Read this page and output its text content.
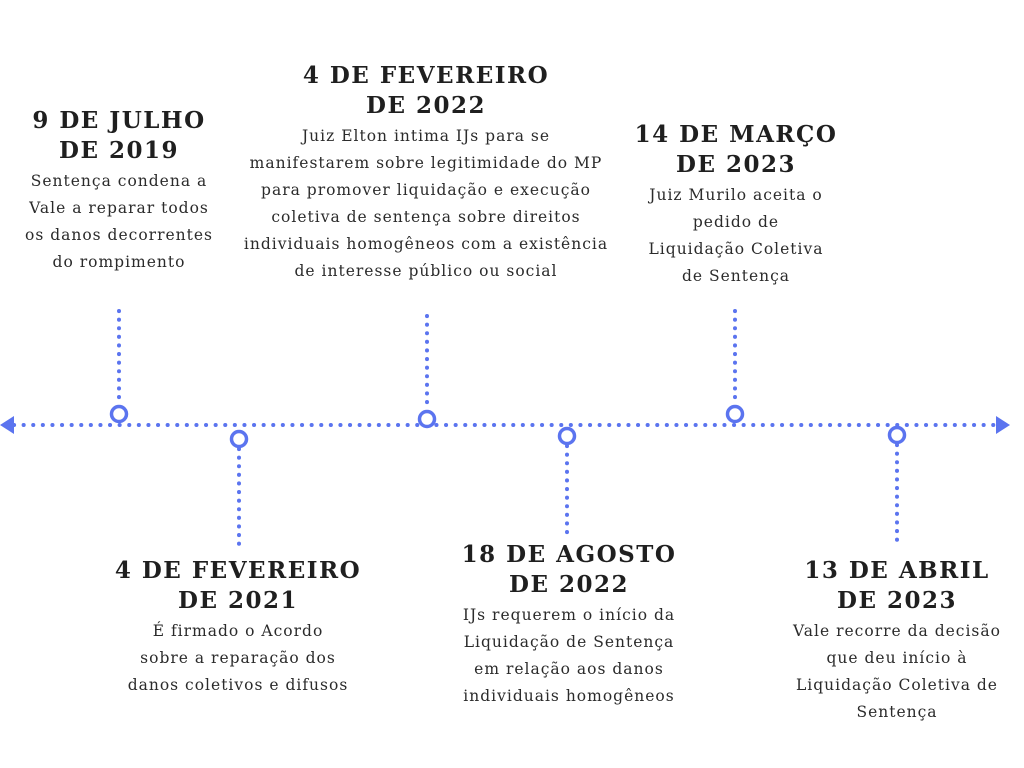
9 DE JULHO
DE 2019
Sentença condena a
Vale a reparar todos
os danos decorrentes
do rompimento
4 DE FEVEREIRO
DE 2021
É firmado o Acordo
sobre a reparação dos
danos coletivos e difusos
4 DE FEVEREIRO
DE 2022
Juiz Elton intima IJs para se
manifestarem sobre legitimidade do MP
para promover liquidação e execução
coletiva de sentença sobre direitos
individuais homogêneos com a existência
de interesse público ou social
18 DE AGOSTO
DE 2022
IJs requerem o início da
Liquidação de Sentença
em relação aos danos
individuais homogêneos
14 DE MARÇO
DE 2023
Juiz Murilo aceita o
pedido de
Liquidação Coletiva
de Sentença
13 DE ABRIL
DE 2023
Vale recorre da decisão
que deu início à
Liquidação Coletiva de
Sentença
